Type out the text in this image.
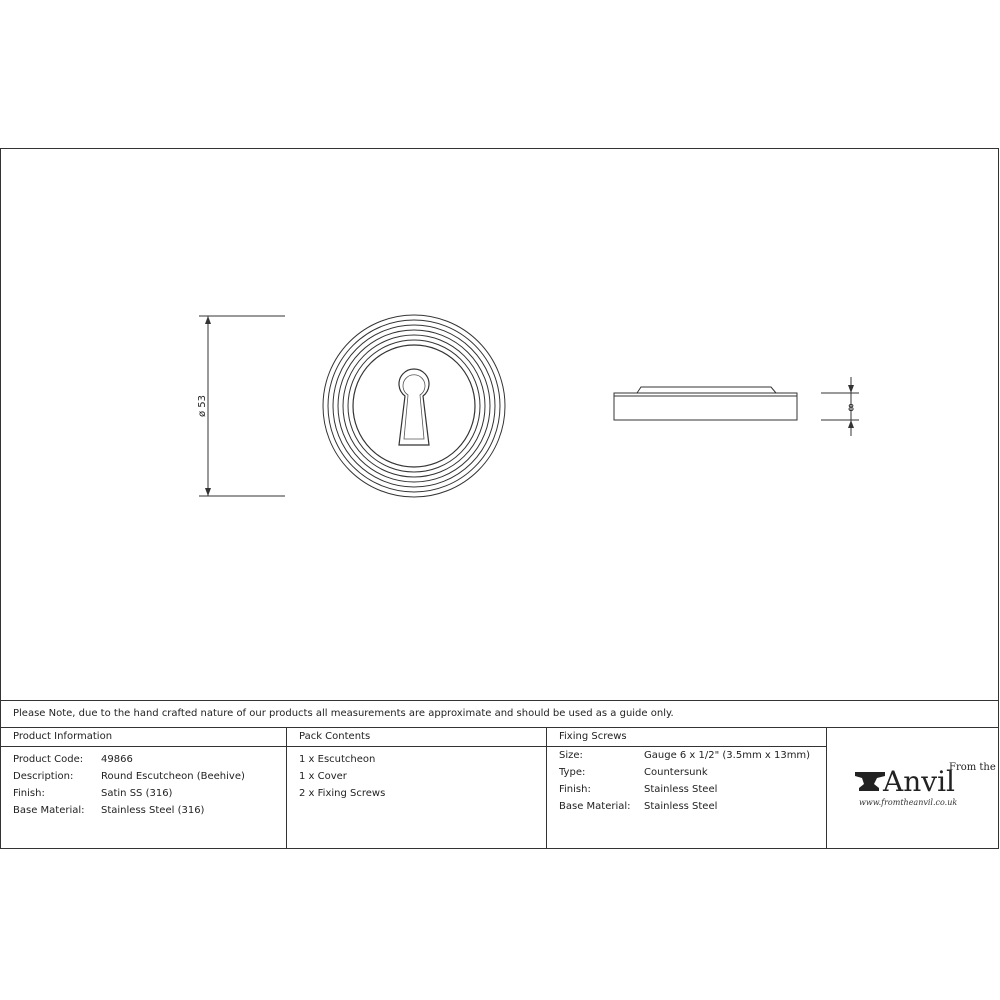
ø 53	8
Please Note, due to the hand crafted nature of our products all measurements are approximate and should be used as a guide only.
Product Information
Product Code: 49866
Description:	Round Escutcheon (Beehive)
Finish:	Satin SS (316)
Base Material: Stainless Steel (316)
Pack Contents
1 x Escutcheon
1 x Cover
2 x Fixing Screws
Fixing Screws
Size:	Gauge 6 x 1/2" (3.5mm x 13mm)
Type:	Countersunk
Finish:	Stainless Steel
Base Material: Stainless Steel
From the
Anvil
www.fromtheanvil.co.uk
